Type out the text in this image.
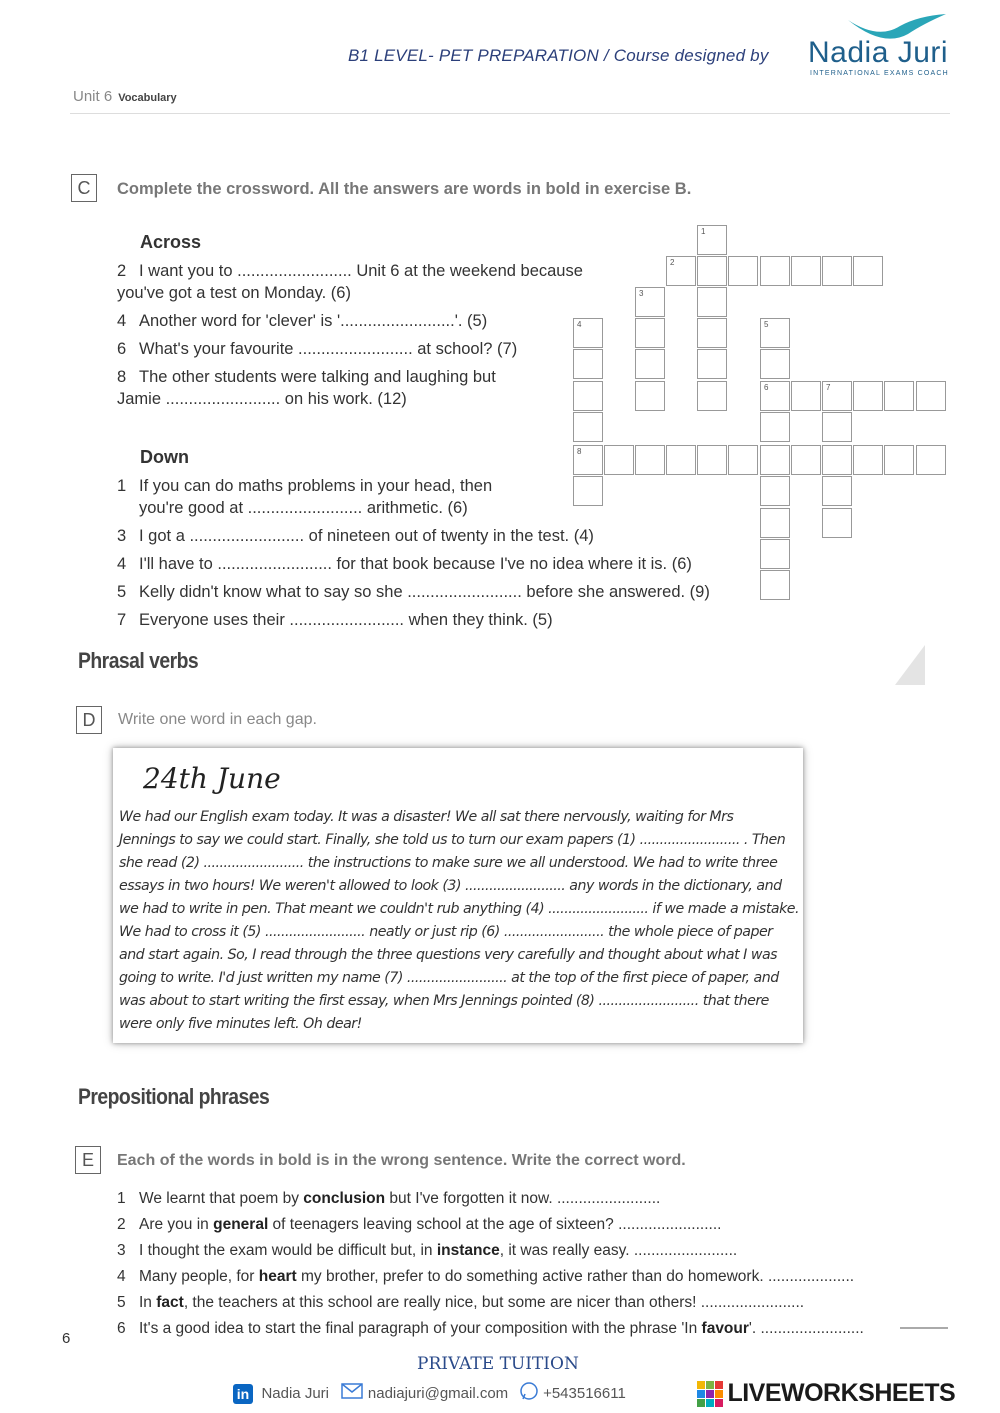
B1 LEVEL- PET PREPARATION / Course designed by Nadia Juri
INTERNATIONAL EXAMS COACH
Unit 6 Vocabulary
C	Complete the crossword. All the answers are words in bold in exercise B.
Across
2 I want you to ......................... Unit 6 at the weekend because
you've got a test on Monday. (6)
4 Another word for 'clever' is '.........................'. (5)
6 What's your favourite ......................... at school? (7)
8 The other students were talking and laughing but
Jamie ......................... on his work. (12)
Down
1 If you can do maths problems in your head, then
you're good at ......................... arithmetic. (6)
3 I got a ......................... of nineteen out of twenty in the test. (4)
4 I'll have to ......................... for that book because I've no idea where it is. (6)
5 Kelly didn't know what to say so she ......................... before she answered. (9)
7 Everyone uses their ......................... when they think. (5)
1
2
3
4	5
6	7
8
Phrasal verbs
D	Write one word in each gap.
24th June
We had our English exam today. It was a disaster! We all sat there nervously, waiting for Mrs
Jennings to say we could start. Finally, she told us to turn our exam papers (1) ......................... . Then
she read (2) ......................... the instructions to make sure we all understood. We had to write three
essays in two hours! We weren't allowed to look (3) ......................... any words in the dictionary, and
we had to write in pen. That meant we couldn't rub anything (4) ......................... if we made a mistake.
We had to cross it (5) ......................... neatly or just rip (6) ......................... the whole piece of paper
and start again. So, I read through the three questions very carefully and thought about what I was
going to write. I'd just written my name (7) ......................... at the top of the first piece of paper, and
was about to start writing the first essay, when Mrs Jennings pointed (8) ......................... that there
were only five minutes left. Oh dear!
Prepositional phrases
E	Each of the words in bold is in the wrong sentence. Write the correct word.
1 We learnt that poem by conclusion but I've forgotten it now. ........................
2 Are you in general of teenagers leaving school at the age of sixteen? ........................
3 I thought the exam would be difficult but, in instance, it was really easy. ........................
4 Many people, for heart my brother, prefer to do something active rather than do homework. ....................
5 In fact, the teachers at this school are really nice, but some are nicer than others! ........................
6 It's a good idea to start the final paragraph of your composition with the phrase 'In favour'. ........................
6
PRIVATE TUITION
in Nadia Juri	nadiajuri@gmail.com +543516611	LIVEWORKSHEETS
